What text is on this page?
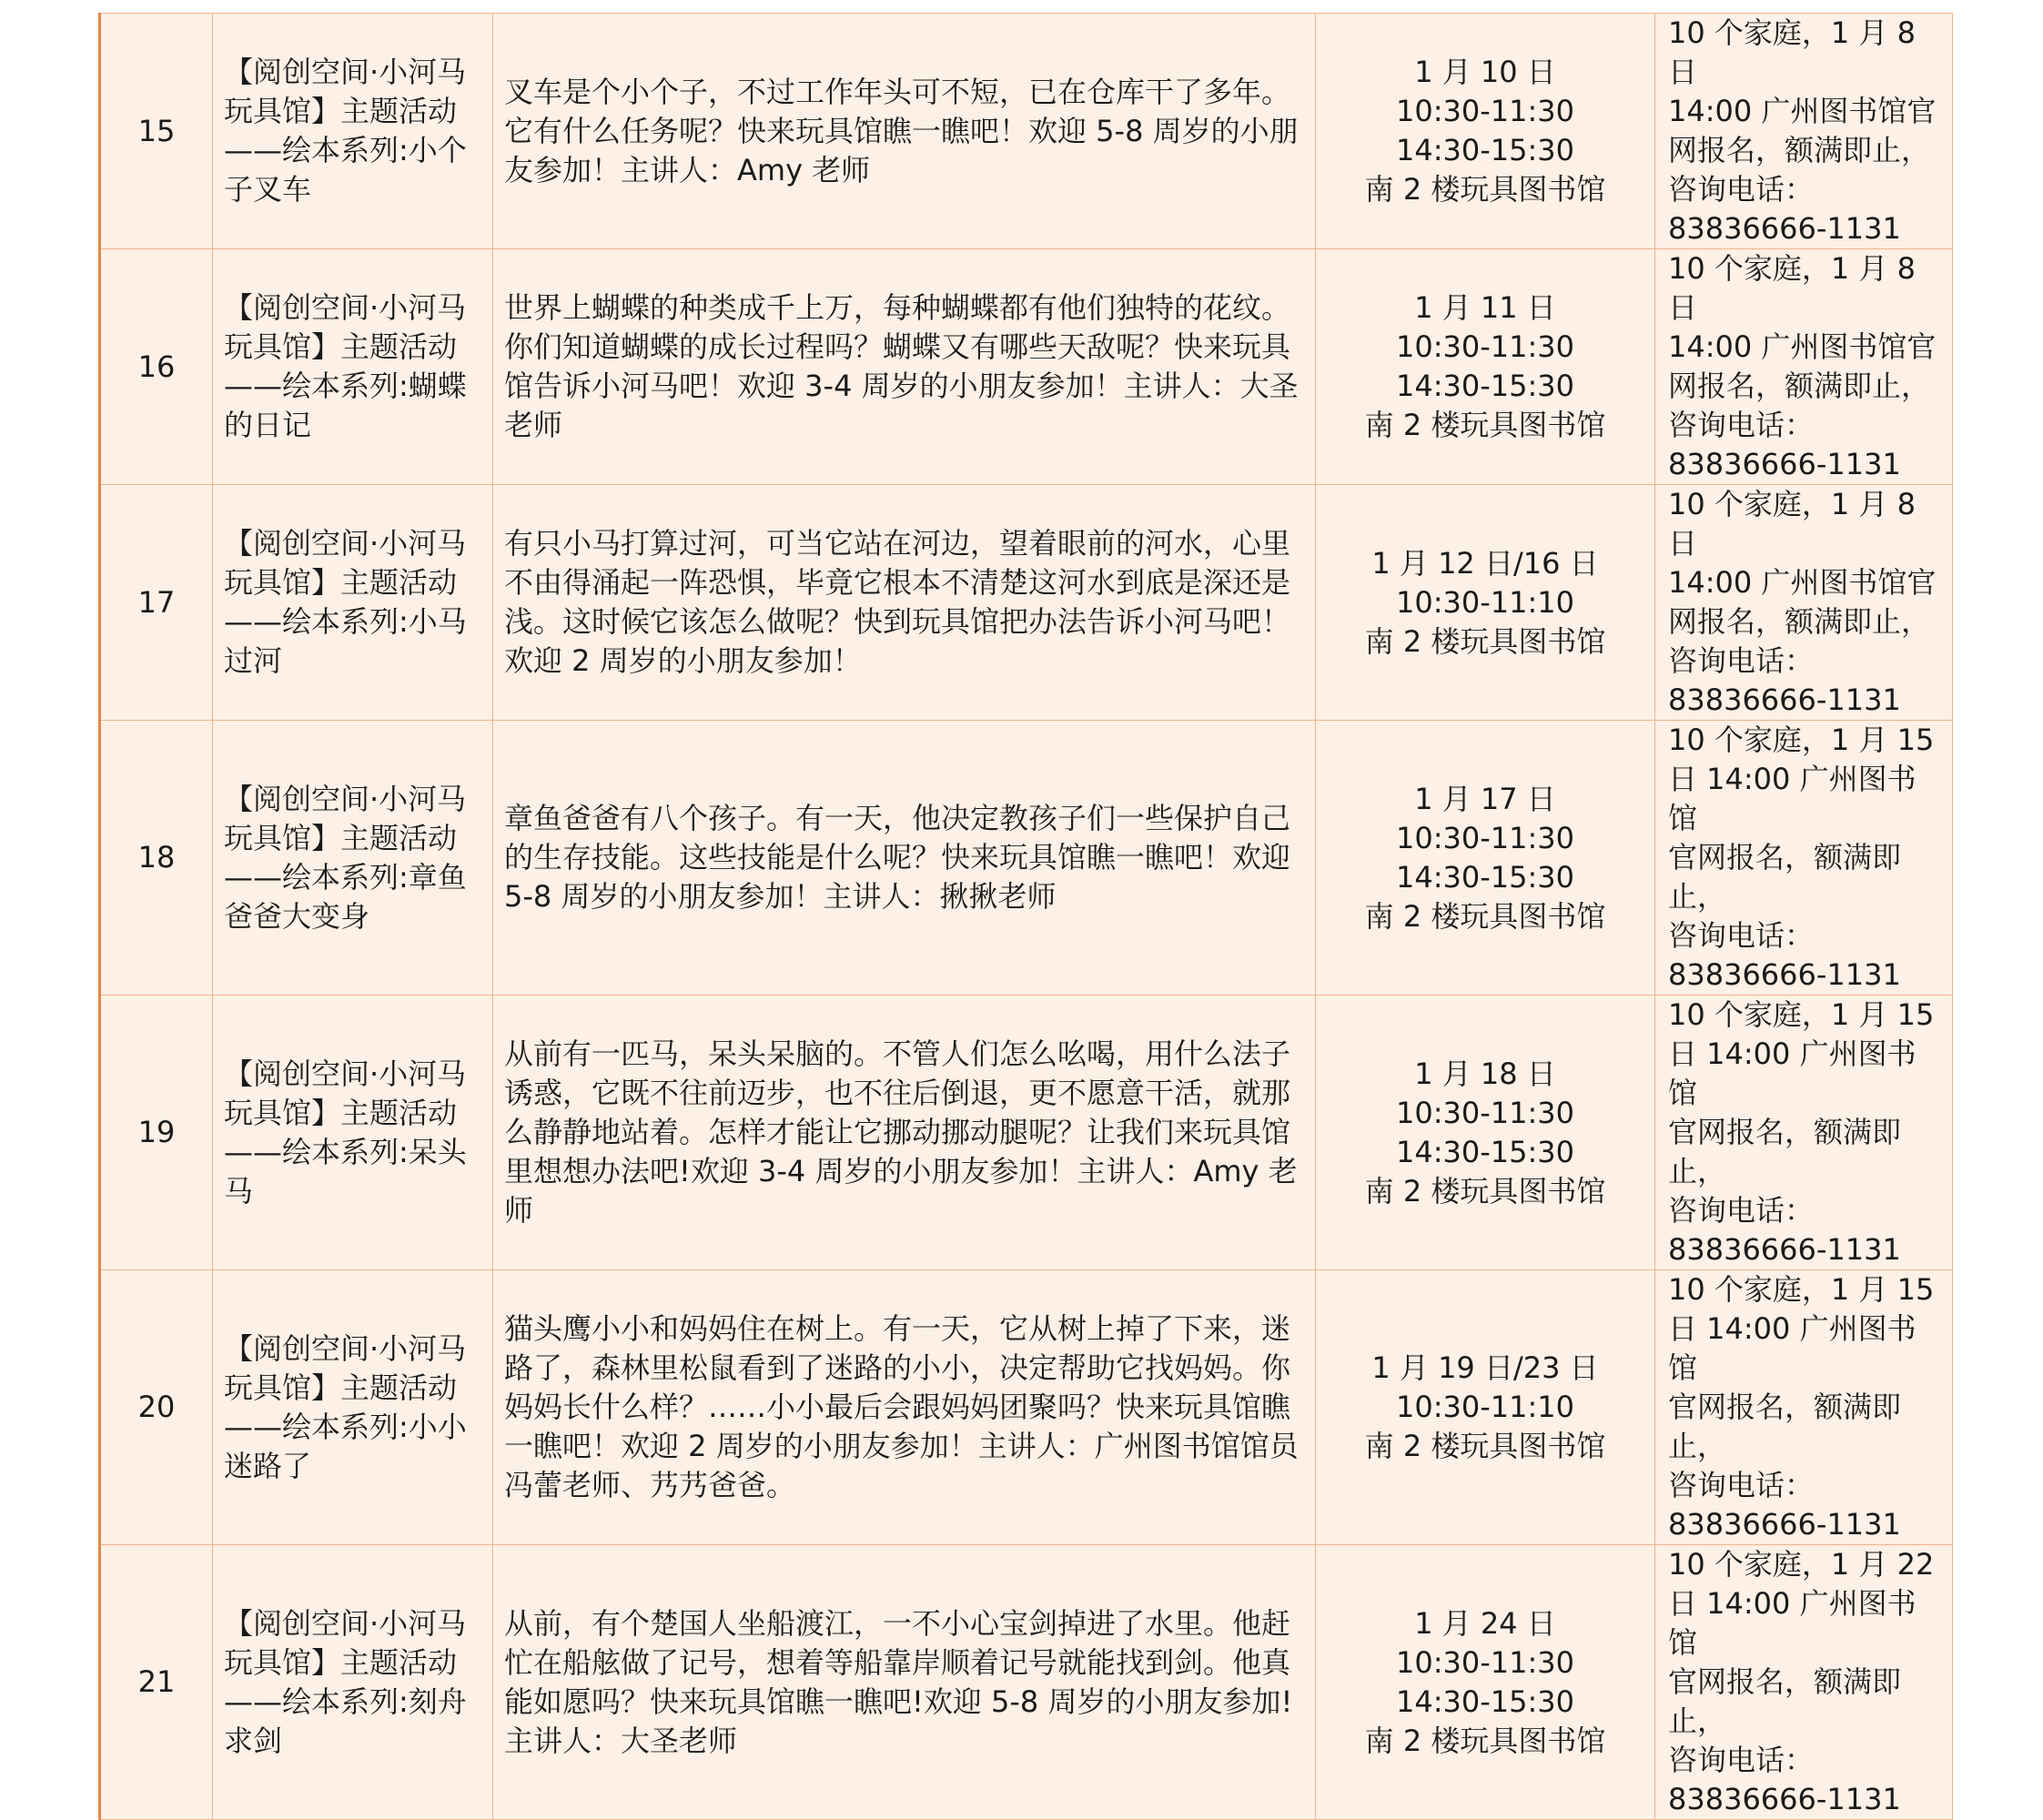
15	【阅创空间·小河马玩具馆】主题活动——绘本系列:小个子叉车	叉车是个小个子，不过工作年头可不短，已在仓库干了多年。它有什么任务呢？快来玩具馆瞧一瞧吧！欢迎 5-8 周岁的小朋友参加！主讲人：Amy 老师	1 月 10 日
10:30-11:30
14:30-15:30
南 2 楼玩具图书馆	10 个家庭，1 月 8 日
14:00 广州图书馆官
网报名，额满即止，
咨询电话：
83836666-1131

16	【阅创空间·小河马玩具馆】主题活动——绘本系列:蝴蝶的日记	世界上蝴蝶的种类成千上万，每种蝴蝶都有他们独特的花纹。你们知道蝴蝶的成长过程吗？蝴蝶又有哪些天敌呢？快来玩具馆告诉小河马吧！欢迎 3-4 周岁的小朋友参加！主讲人：大圣老师	1 月 11 日
10:30-11:30
14:30-15:30
南 2 楼玩具图书馆	10 个家庭，1 月 8 日
14:00 广州图书馆官
网报名，额满即止，
咨询电话：
83836666-1131

17	【阅创空间·小河马玩具馆】主题活动——绘本系列:小马过河	有只小马打算过河，可当它站在河边，望着眼前的河水，心里不由得涌起一阵恐惧，毕竟它根本不清楚这河水到底是深还是浅。这时候它该怎么做呢？快到玩具馆把办法告诉小河马吧！欢迎 2 周岁的小朋友参加！	1 月 12 日/16 日
10:30-11:10
南 2 楼玩具图书馆	10 个家庭，1 月 8 日
14:00 广州图书馆官
网报名，额满即止，
咨询电话：
83836666-1131

18	【阅创空间·小河马玩具馆】主题活动——绘本系列:章鱼爸爸大变身	章鱼爸爸有八个孩子。有一天，他决定教孩子们一些保护自己的生存技能。这些技能是什么呢？快来玩具馆瞧一瞧吧！欢迎 5-8 周岁的小朋友参加！主讲人：揪揪老师	1 月 17 日
10:30-11:30
14:30-15:30
南 2 楼玩具图书馆	10 个家庭，1 月 15
日 14:00 广州图书馆
官网报名，额满即止，
咨询电话：
83836666-1131

19	【阅创空间·小河马玩具馆】主题活动——绘本系列:呆头马	从前有一匹马，呆头呆脑的。不管人们怎么吆喝，用什么法子诱惑，它既不往前迈步，也不往后倒退，更不愿意干活，就那么静静地站着。怎样才能让它挪动挪动腿呢？让我们来玩具馆里想想办法吧!欢迎 3-4 周岁的小朋友参加！主讲人：Amy 老师	1 月 18 日
10:30-11:30
14:30-15:30
南 2 楼玩具图书馆	10 个家庭，1 月 15
日 14:00 广州图书馆
官网报名，额满即止，
咨询电话：
83836666-1131

20	【阅创空间·小河马玩具馆】主题活动——绘本系列:小小迷路了	猫头鹰小小和妈妈住在树上。有一天，它从树上掉了下来，迷路了，森林里松鼠看到了迷路的小小，决定帮助它找妈妈。你妈妈长什么样？……小小最后会跟妈妈团聚吗？快来玩具馆瞧一瞧吧！欢迎 2 周岁的小朋友参加！主讲人：广州图书馆馆员冯蕾老师、艿艿爸爸。	1 月 19 日/23 日
10:30-11:10
南 2 楼玩具图书馆	10 个家庭，1 月 15
日 14:00 广州图书馆
官网报名，额满即止，
咨询电话：
83836666-1131

21	【阅创空间·小河马玩具馆】主题活动——绘本系列:刻舟求剑	从前，有个楚国人坐船渡江，一不小心宝剑掉进了水里。他赶忙在船舷做了记号，想着等船靠岸顺着记号就能找到剑。他真能如愿吗？快来玩具馆瞧一瞧吧!欢迎 5-8 周岁的小朋友参加!主讲人：大圣老师	1 月 24 日
10:30-11:30
14:30-15:30
南 2 楼玩具图书馆	10 个家庭，1 月 22
日 14:00 广州图书馆
官网报名，额满即止，
咨询电话：
83836666-1131
